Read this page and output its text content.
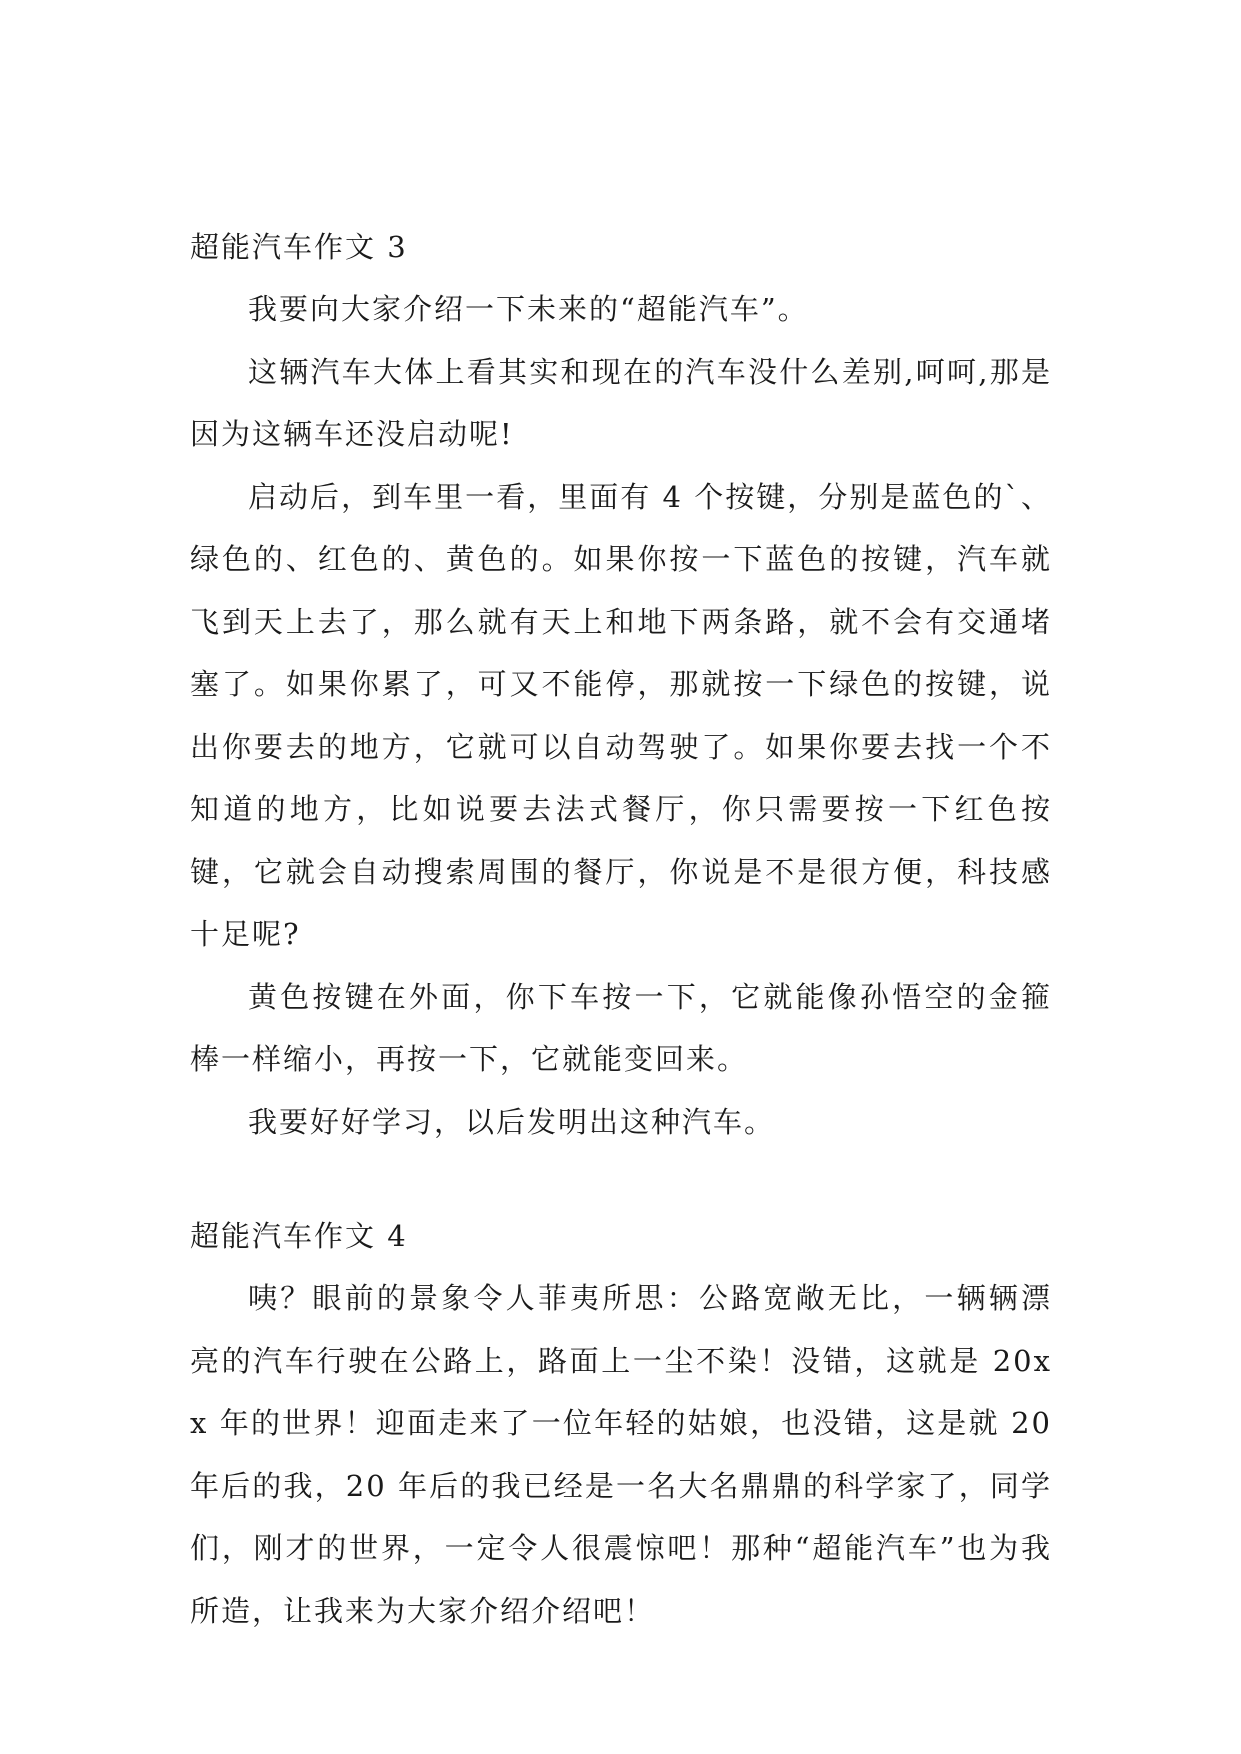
超能汽车作文 3

我要向大家介绍一下未来的“超能汽车”。

这辆汽车大体上看其实和现在的汽车没什么差别,呵呵,那是因为这辆车还没启动呢!

启动后，到车里一看，里面有 4 个按键，分别是蓝色的`、绿色的、红色的、黄色的。如果你按一下蓝色的按键，汽车就飞到天上去了，那么就有天上和地下两条路，就不会有交通堵塞了。如果你累了，可又不能停，那就按一下绿色的按键，说出你要去的地方，它就可以自动驾驶了。如果你要去找一个不知道的地方，比如说要去法式餐厅，你只需要按一下红色按键，它就会自动搜索周围的餐厅，你说是不是很方便，科技感十足呢?

黄色按键在外面，你下车按一下，它就能像孙悟空的金箍棒一样缩小，再按一下，它就能变回来。

我要好好学习，以后发明出这种汽车。

超能汽车作文 4

咦？眼前的景象令人菲夷所思：公路宽敞无比，一辆辆漂亮的汽车行驶在公路上，路面上一尘不染！没错，这就是 20xx 年的世界！迎面走来了一位年轻的姑娘，也没错，这是就 20 年后的我，20 年后的我已经是一名大名鼎鼎的科学家了，同学们，刚才的世界，一定令人很震惊吧！那种“超能汽车”也为我所造，让我来为大家介绍介绍吧！
